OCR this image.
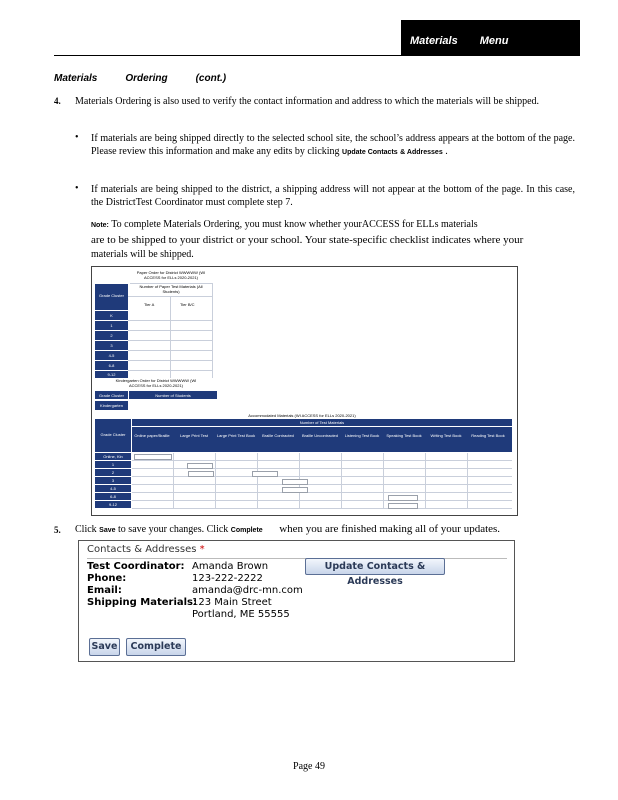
Materials Menu
Materials	Ordering	(cont.)
4. Materials Ordering is also used to verify the contact information and address to which the materials will be shipped.
• If materials are being shipped directly to the selected school site, the school’s address appears at the bottom of the page. Please review this information and make any edits by clicking Update Contacts & Addresses .
• If materials are being shipped to the district, a shipping address will not appear at the bottom of the page. In this case, the DistrictTest Coordinator must complete step 7.
Note: To complete Materials Ordering, you must know whether yourACCESS for ELLs materials
are to be shipped to your district or your school. Your state-specific checklist indicates where your
materials will be shipped.
Paper Order for District WWWWW (WI
ACCESS for ELLs 2020-2021)
Number of Paper Test Materials (All
Students)
Grade Cluster
Tier A	Tier B/C
K
1
2
3
4-5
6-8
9-12
Kindergarten Order for District WWWWW (WI
ACCESS for ELLs 2020-2021)
Grade Cluster	Number of Students
Kindergarten
Accommodated Materials (WI ACCESS for ELLs 2020-2021)
Number of Test Materials
Grade Cluster	Online paper/Braille	Large Print Test	Large Print Test Book	Braille Contracted	Braille Uncontracted	Listening Test Book	Speaking Test Book	Writing Test Book	Reading Test Book
Online, Kin
1
2
3
4-5
6-8
9-12
Contacts & Addresses *
Test Coordinator: Amanda Brown
Phone:	123-222-2222
Email:	amanda@drc-mn.com
Shipping Materials:
123 Main Street
Portland, ME 55555
Update Contacts & Addresses
Save	Complete
5. Click Save to save your changes. Click Complete when you are finished making all of your updates.
Page 49
